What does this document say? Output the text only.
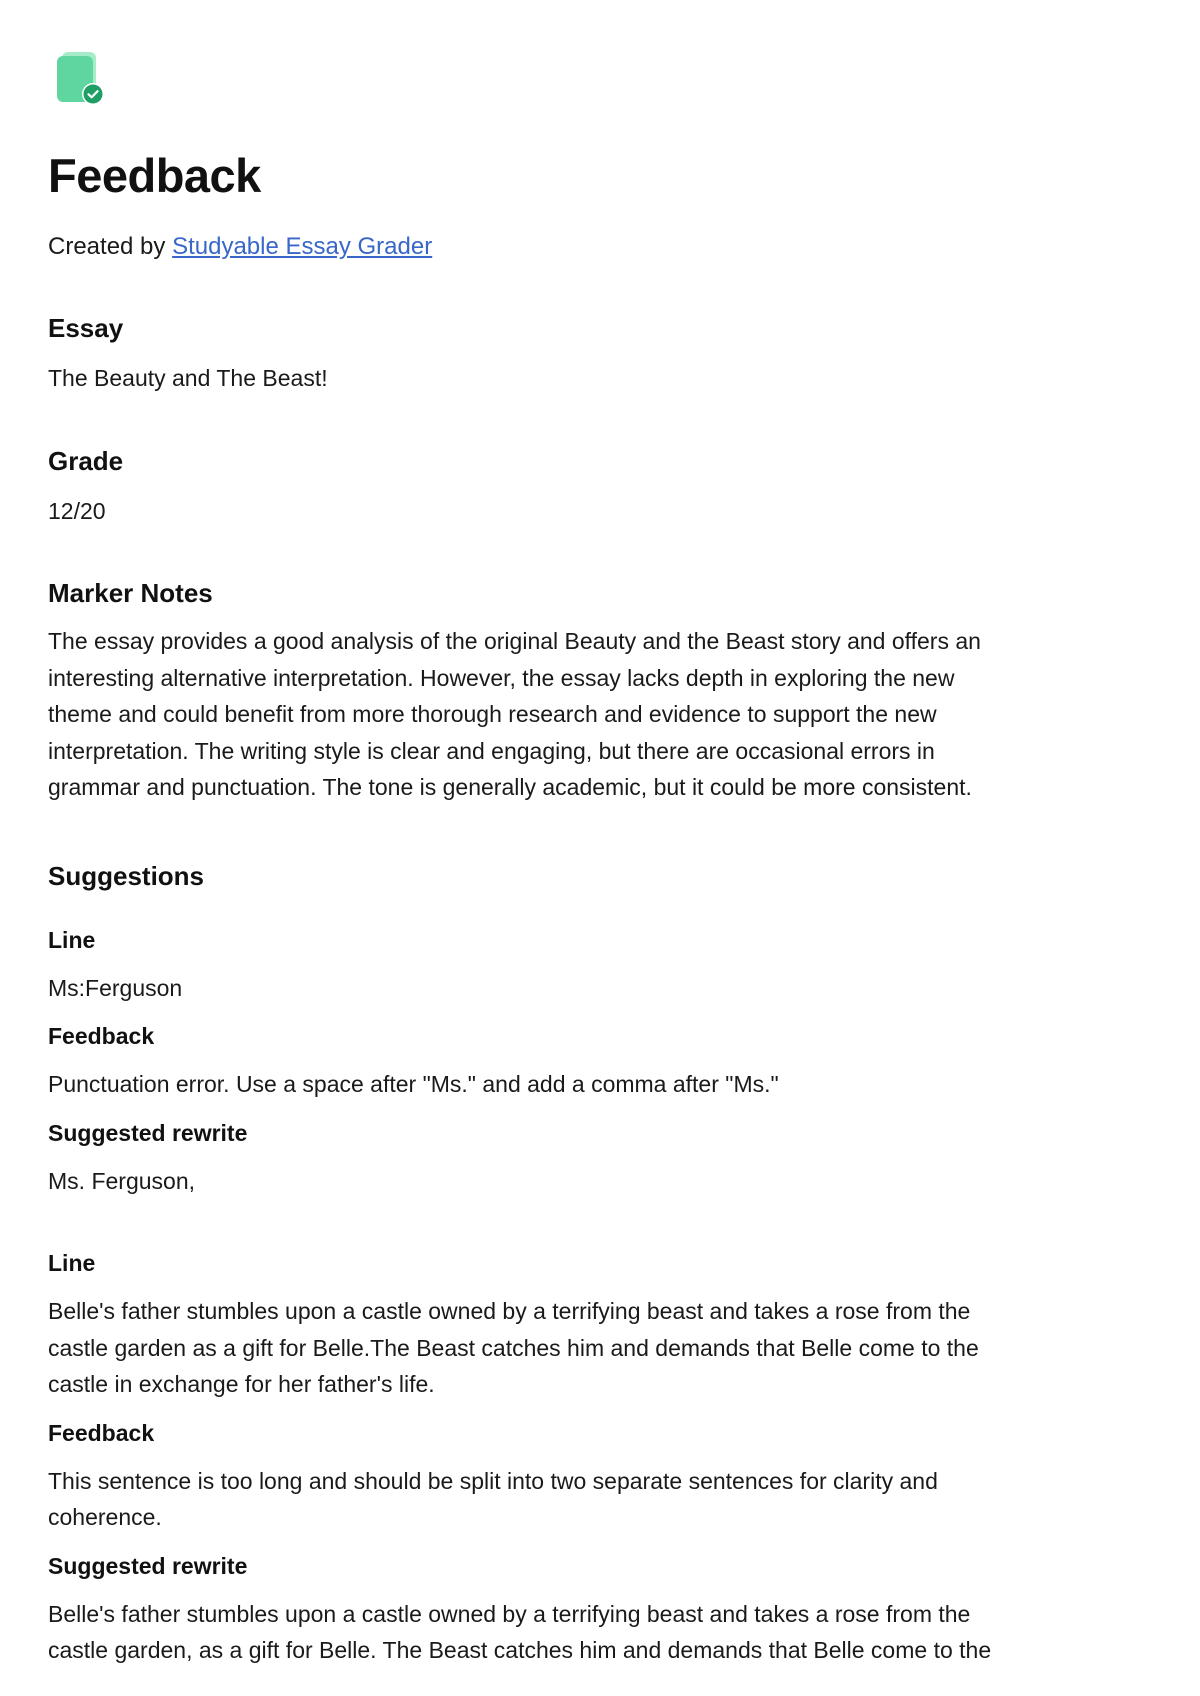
Feedback
Created by Studyable Essay Grader
Essay

The Beauty and The Beast!

Grade

12/20

Marker Notes

The essay provides a good analysis of the original Beauty and the Beast story and offers an

interesting alternative interpretation. However, the essay lacks depth in exploring the new

theme and could benefit from more thorough research and evidence to support the new

interpretation. The writing style is clear and engaging, but there are occasional errors in

grammar and punctuation. The tone is generally academic, but it could be more consistent.

Suggestions
Line

Ms:Ferguson

Feedback

Punctuation error. Use a space after "Ms." and add a comma after "Ms."

Suggested rewrite

Ms. Ferguson,

Line

Belle's father stumbles upon a castle owned by a terrifying beast and takes a rose from the

castle garden as a gift for Belle.The Beast catches him and demands that Belle come to the

castle in exchange for her father's life.

Feedback

This sentence is too long and should be split into two separate sentences for clarity and

coherence.

Suggested rewrite

Belle's father stumbles upon a castle owned by a terrifying beast and takes a rose from the

castle garden, as a gift for Belle. The Beast catches him and demands that Belle come to the
